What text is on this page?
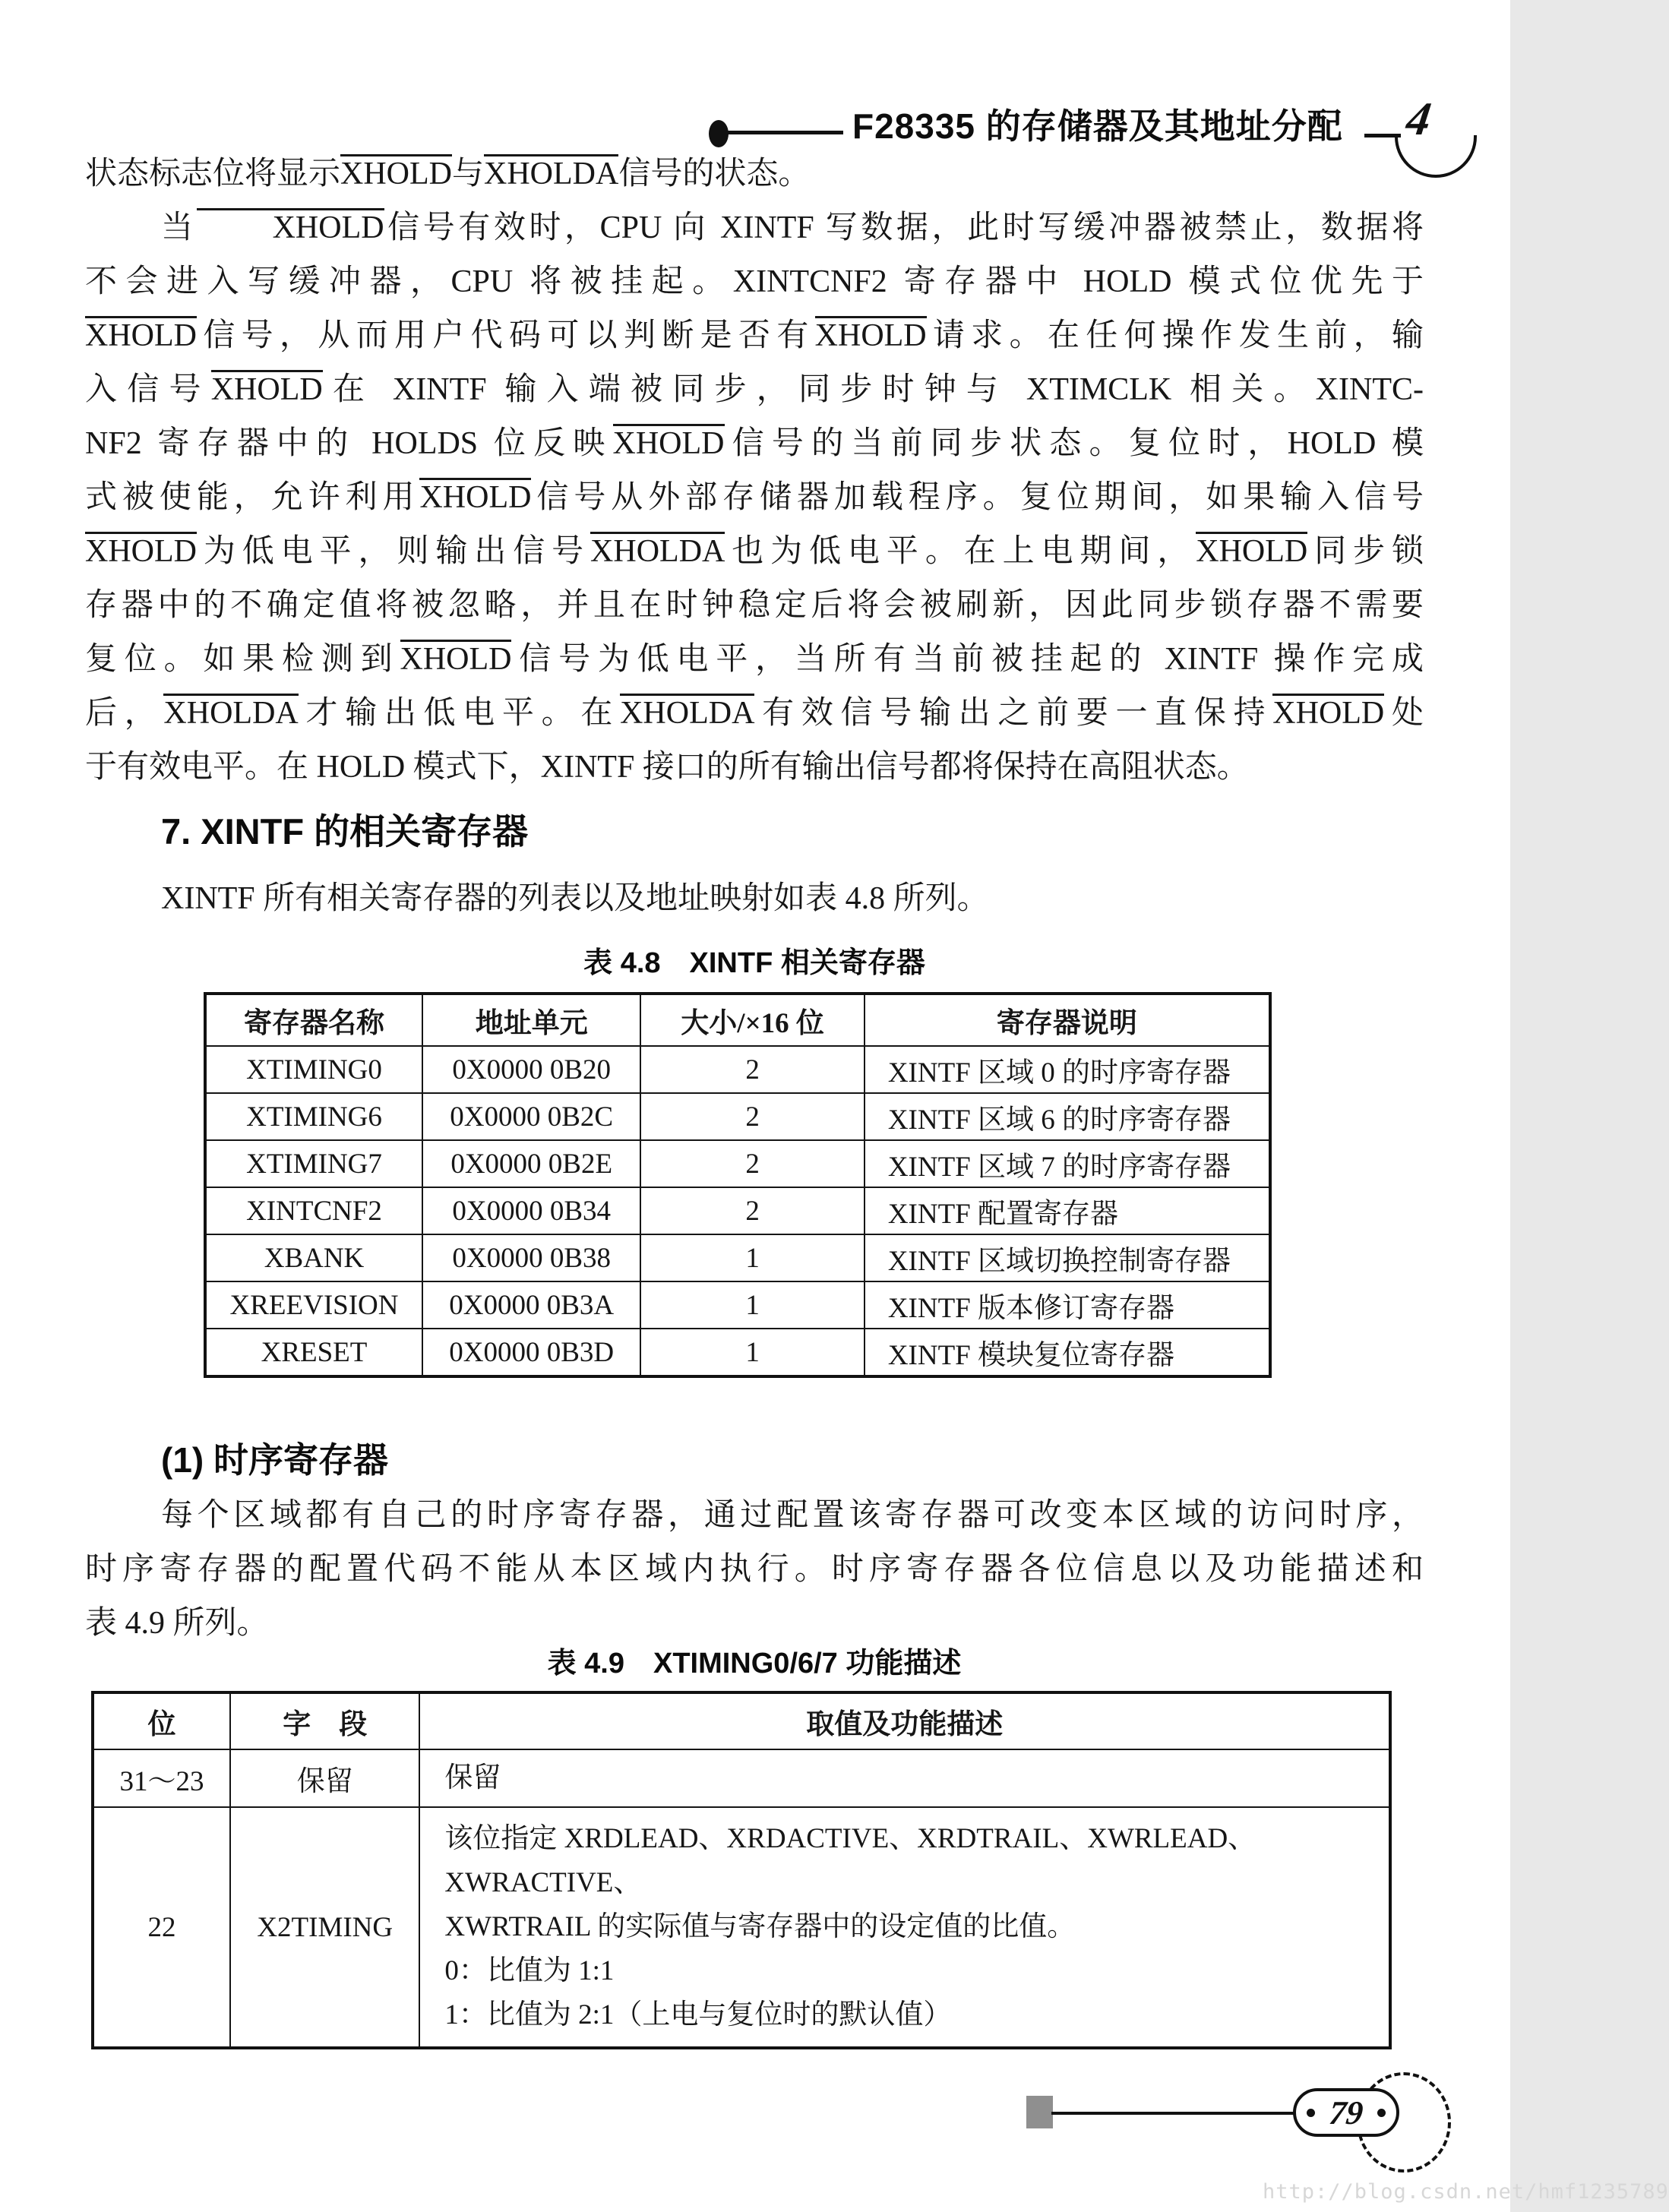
F28335 的存储器及其地址分配 4
状态标志位将显示XHOLD与XHOLDA信号的状态。
当 XHOLD信号有效时，CPU 向 XINTF 写数据，此时写缓冲器被禁止，数据将
不会进入写缓冲器，CPU 将被挂起。XINTCNF2 寄存器中 HOLD 模式位优先于
XHOLD信号，从而用户代码可以判断是否有XHOLD请求。在任何操作发生前，输
入信号XHOLD在 XINTF 输入端被同步，同步时钟与 XTIMCLK 相关。XINTC-
NF2 寄存器中的 HOLDS 位反映XHOLD信号的当前同步状态。复位时，HOLD 模
式被使能，允许利用XHOLD信号从外部存储器加载程序。复位期间，如果输入信号
XHOLD为低电平，则输出信号XHOLDA也为低电平。在上电期间，XHOLD同步锁
存器中的不确定值将被忽略，并且在时钟稳定后将会被刷新，因此同步锁存器不需要
复位。如果检测到XHOLD信号为低电平，当所有当前被挂起的 XINTF 操作完成
后，XHOLDA才输出低电平。在XHOLDA有效信号输出之前要一直保持XHOLD处
于有效电平。在 HOLD 模式下，XINTF 接口的所有输出信号都将保持在高阻状态。
7. XINTF 的相关寄存器
XINTF 所有相关寄存器的列表以及地址映射如表 4.8 所列。
表 4.8　XINTF 相关寄存器
寄存器名称	地址单元	大小/×16 位	寄存器说明
XTIMING0	0X0000 0B20	2	XINTF 区域 0 的时序寄存器
XTIMING6	0X0000 0B2C	2	XINTF 区域 6 的时序寄存器
XTIMING7	0X0000 0B2E	2	XINTF 区域 7 的时序寄存器
XINTCNF2	0X0000 0B34	2	XINTF 配置寄存器
XBANK	0X0000 0B38	1	XINTF 区域切换控制寄存器
XREEVISION	0X0000 0B3A	1	XINTF 版本修订寄存器
XRESET	0X0000 0B3D	1	XINTF 模块复位寄存器
(1) 时序寄存器
每个区域都有自己的时序寄存器，通过配置该寄存器可改变本区域的访问时序，
时序寄存器的配置代码不能从本区域内执行。时序寄存器各位信息以及功能描述和
表 4.9 所列。
表 4.9　XTIMING0/6/7 功能描述
位	字　段	取值及功能描述
31～23	保留	保留

22	X2TIMING	该位指定 XRDLEAD、XRDACTIVE、XRDTRAIL、XWRLEAD、XWRACTIVE、
XWRTRAIL 的实际值与寄存器中的设定值的比值。
0：比值为 1:1
1：比值为 2:1（上电与复位时的默认值）
79
http://blog.csdn.net/hmf1235789
